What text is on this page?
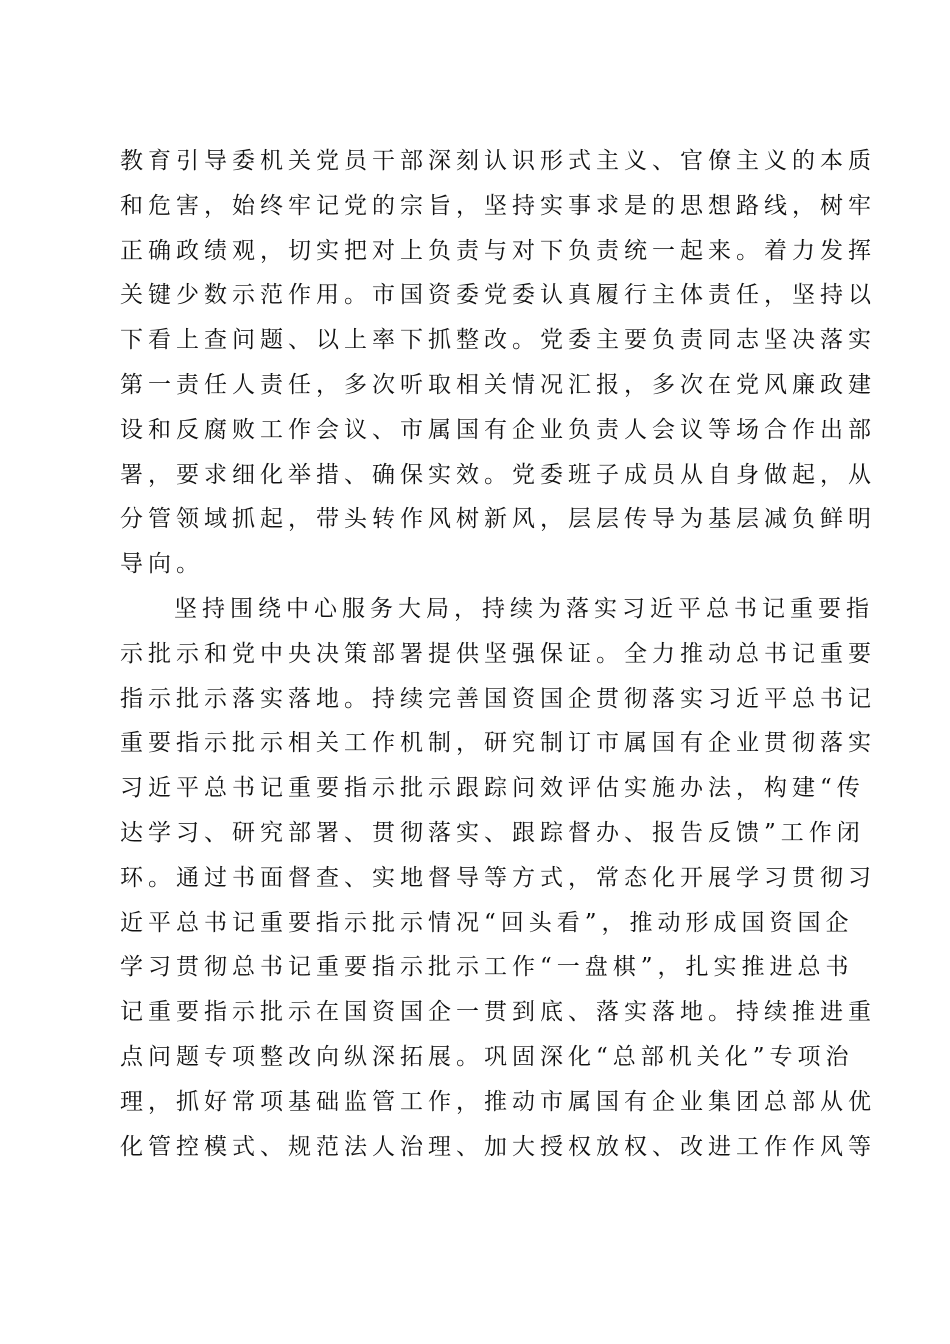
教育引导委机关党员干部深刻认识形式主义、官僚主义的本质
和危害，始终牢记党的宗旨，坚持实事求是的思想路线，树牢
正确政绩观，切实把对上负责与对下负责统一起来。着力发挥
关键少数示范作用。市国资委党委认真履行主体责任，坚持以
下看上查问题、以上率下抓整改。党委主要负责同志坚决落实
第一责任人责任，多次听取相关情况汇报，多次在党风廉政建
设和反腐败工作会议、市属国有企业负责人会议等场合作出部
署，要求细化举措、确保实效。党委班子成员从自身做起，从
分管领域抓起，带头转作风树新风，层层传导为基层减负鲜明
导向。
坚持围绕中心服务大局，持续为落实习近平总书记重要指
示批示和党中央决策部署提供坚强保证。全力推动总书记重要
指示批示落实落地。持续完善国资国企贯彻落实习近平总书记
重要指示批示相关工作机制，研究制订市属国有企业贯彻落实
习近平总书记重要指示批示跟踪问效评估实施办法，构建“传
达学习、研究部署、贯彻落实、跟踪督办、报告反馈”工作闭
环。通过书面督查、实地督导等方式，常态化开展学习贯彻习
近平总书记重要指示批示情况“回头看”，推动形成国资国企
学习贯彻总书记重要指示批示工作“一盘棋”，扎实推进总书
记重要指示批示在国资国企一贯到底、落实落地。持续推进重
点问题专项整改向纵深拓展。巩固深化“总部机关化”专项治
理，抓好常项基础监管工作，推动市属国有企业集团总部从优
化管控模式、规范法人治理、加大授权放权、改进工作作风等
